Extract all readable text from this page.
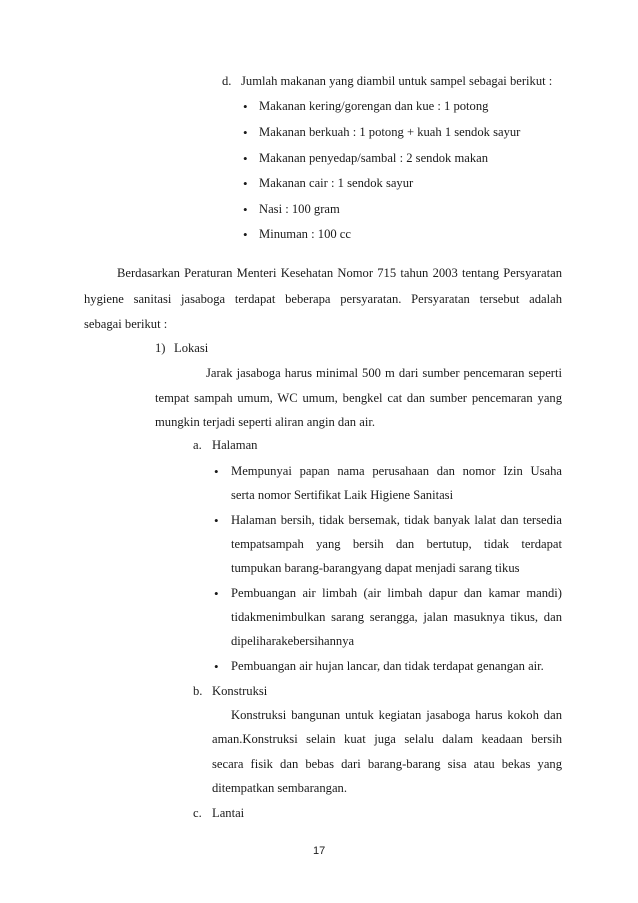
d. Jumlah makanan yang diambil untuk sampel sebagai berikut :
• Makanan kering/gorengan dan kue : 1 potong
• Makanan berkuah : 1 potong + kuah 1 sendok sayur
• Makanan penyedap/sambal : 2 sendok makan
• Makanan cair : 1 sendok sayur
• Nasi : 100 gram
• Minuman : 100 cc
Berdasarkan Peraturan Menteri Kesehatan Nomor 715 tahun 2003 tentang Persyaratan
hygiene sanitasi jasaboga terdapat beberapa persyaratan. Persyaratan tersebut adalah
sebagai berikut :
1) Lokasi
Jarak jasaboga harus minimal 500 m dari sumber pencemaran seperti
tempat sampah umum, WC umum, bengkel cat dan sumber pencemaran yang
mungkin terjadi seperti aliran angin dan air.
a. Halaman
• Mempunyai papan nama perusahaan dan nomor Izin Usaha
serta nomor Sertifikat Laik Higiene Sanitasi
• Halaman bersih, tidak bersemak, tidak banyak lalat dan tersedia
tempatsampah yang bersih dan bertutup, tidak terdapat
tumpukan barang-barangyang dapat menjadi sarang tikus
• Pembuangan air limbah (air limbah dapur dan kamar mandi)
tidakmenimbulkan sarang serangga, jalan masuknya tikus, dan
dipeliharakebersihannya
• Pembuangan air hujan lancar, dan tidak terdapat genangan air.
b. Konstruksi
Konstruksi bangunan untuk kegiatan jasaboga harus kokoh dan
aman.Konstruksi selain kuat juga selalu dalam keadaan bersih
secara fisik dan bebas dari barang-barang sisa atau bekas yang
ditempatkan sembarangan.
c. Lantai
17
